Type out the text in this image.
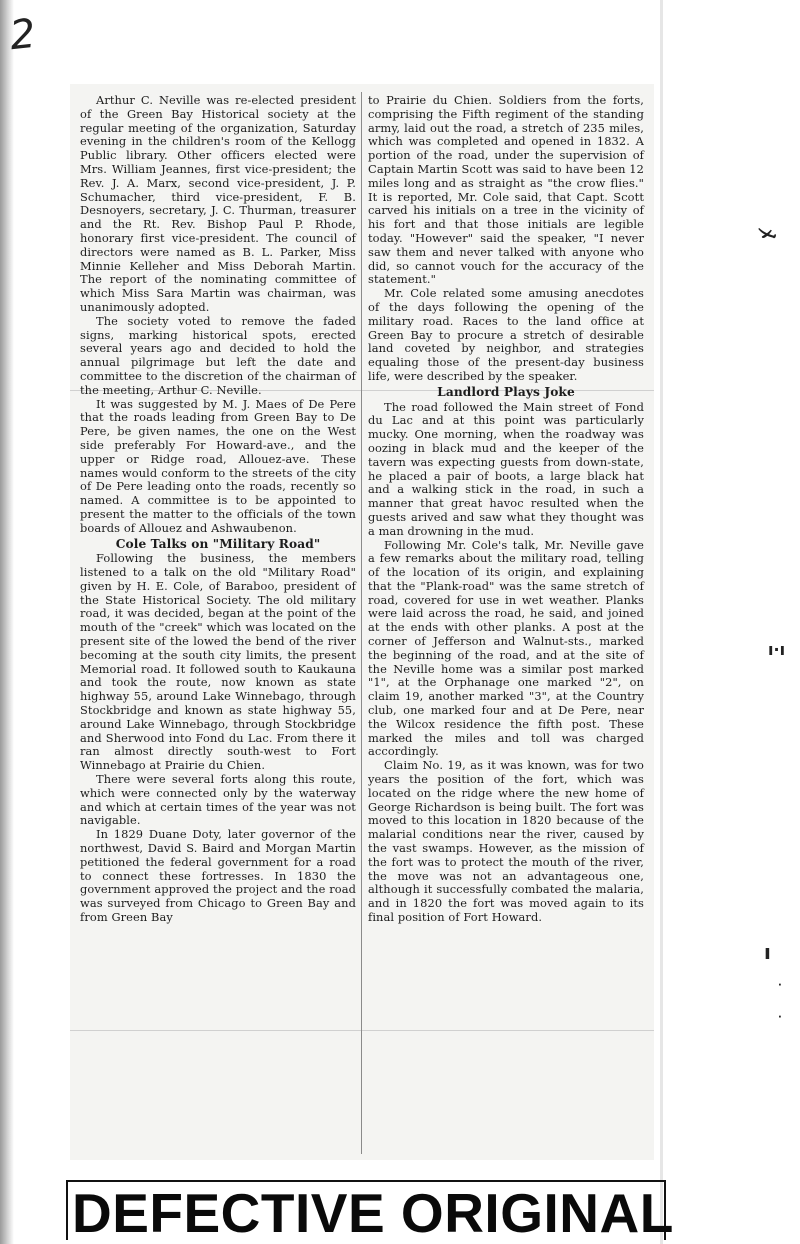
2

Arthur C. Neville was re-elected president of the Green Bay Historical society at the regular meeting of the organization, Saturday evening in the children's room of the Kellogg Public library. Other officers elected were Mrs. William Jeannes, first vice-president; the Rev. J. A. Marx, second vice-president, J. P. Schumacher, third vice-president, F. B. Desnoyers, secretary, J. C. Thurman, treasurer and the Rt. Rev. Bishop Paul P. Rhode, honorary first vice-president. The council of directors were named as B. L. Parker, Miss Minnie Kelleher and Miss Deborah Martin. The report of the nominating committee of which Miss Sara Martin was chairman, was unanimously adopted.

The society voted to remove the faded signs, marking historical spots, erected several years ago and decided to hold the annual pilgrimage but left the date and committee to the discretion of the chairman of the meeting, Arthur C. Neville.

It was suggested by M. J. Maes of De Pere that the roads leading from Green Bay to De Pere, be given names, the one on the West side preferably For Howard-ave., and the upper or Ridge road, Allouez-ave. These names would conform to the streets of the city of De Pere leading onto the roads, recently so named. A committee is to be appointed to present the matter to the officials of the town boards of Allouez and Ashwaubenon.

Cole Talks on "Military Road"

Following the business, the members listened to a talk on the old "Military Road" given by H. E. Cole, of Baraboo, president of the State Historical Society. The old military road, it was decided, began at the point of the mouth of the "creek" which was located on the present site of the lowed the bend of the river becoming at the south city limits, the present Memorial road. It followed south to Kaukauna and took the route, now known as state highway 55, around Lake Winnebago, through Stockbridge and known as state highway 55, around Lake Winnebago, through Stockbridge and Sherwood into Fond du Lac. From there it ran almost directly south-west to Fort Winnebago at Prairie du Chien.

There were several forts along this route, which were connected only by the waterway and which at certain times of the year was not navigable.

In 1829 Duane Doty, later governor of the northwest, David S. Baird and Morgan Martin petitioned the federal government for a road to connect these fortresses. In 1830 the government approved the project and the road was surveyed from Chicago to Green Bay and from Green Bay

to Prairie du Chien. Soldiers from the forts, comprising the Fifth regiment of the standing army, laid out the road, a stretch of 235 miles, which was completed and opened in 1832. A portion of the road, under the supervision of Captain Martin Scott was said to have been 12 miles long and as straight as "the crow flies." It is reported, Mr. Cole said, that Capt. Scott carved his initials on a tree in the vicinity of his fort and that those initials are legible today. "However" said the speaker, "I never saw them and never talked with anyone who did, so cannot vouch for the accuracy of the statement."

Mr. Cole related some amusing anecdotes of the days following the opening of the military road. Races to the land office at Green Bay to procure a stretch of desirable land coveted by neighbor, and strategies equaling those of the present-day business life, were described by the speaker.

Landlord Plays Joke

The road followed the Main street of Fond du Lac and at this point was particularly mucky. One morning, when the roadway was oozing in black mud and the keeper of the tavern was expecting guests from down-state, he placed a pair of boots, a large black hat and a walking stick in the road, in such a manner that great havoc resulted when the guests arived and saw what they thought was a man drowning in the mud.

Following Mr. Cole's talk, Mr. Neville gave a few remarks about the military road, telling of the location of its origin, and explaining that the "Plank-road" was the same stretch of road, covered for use in wet weather. Planks were laid across the road, he said, and joined at the ends with other planks. A post at the corner of Jefferson and Walnut-sts., marked the beginning of the road, and at the site of the Neville home was a similar post marked "1", at the Orphanage one marked "2", on claim 19, another marked "3", at the Country club, one marked four and at De Pere, near the Wilcox residence the fifth post. These marked the miles and toll was charged accordingly.

Claim No. 19, as it was known, was for two years the position of the fort, which was located on the ridge where the new home of George Richardson is being built. The fort was moved to this location in 1820 because of the malarial conditions near the river, caused by the vast swamps. However, as the mission of the fort was to protect the mouth of the river, the move was not an advantageous one, although it successfully combated the malaria, and in 1820 the fort was moved again to its final position of Fort Howard.

ﾒ
ı·ı
ı
·
·
DEFECTIVE ORIGINAL
